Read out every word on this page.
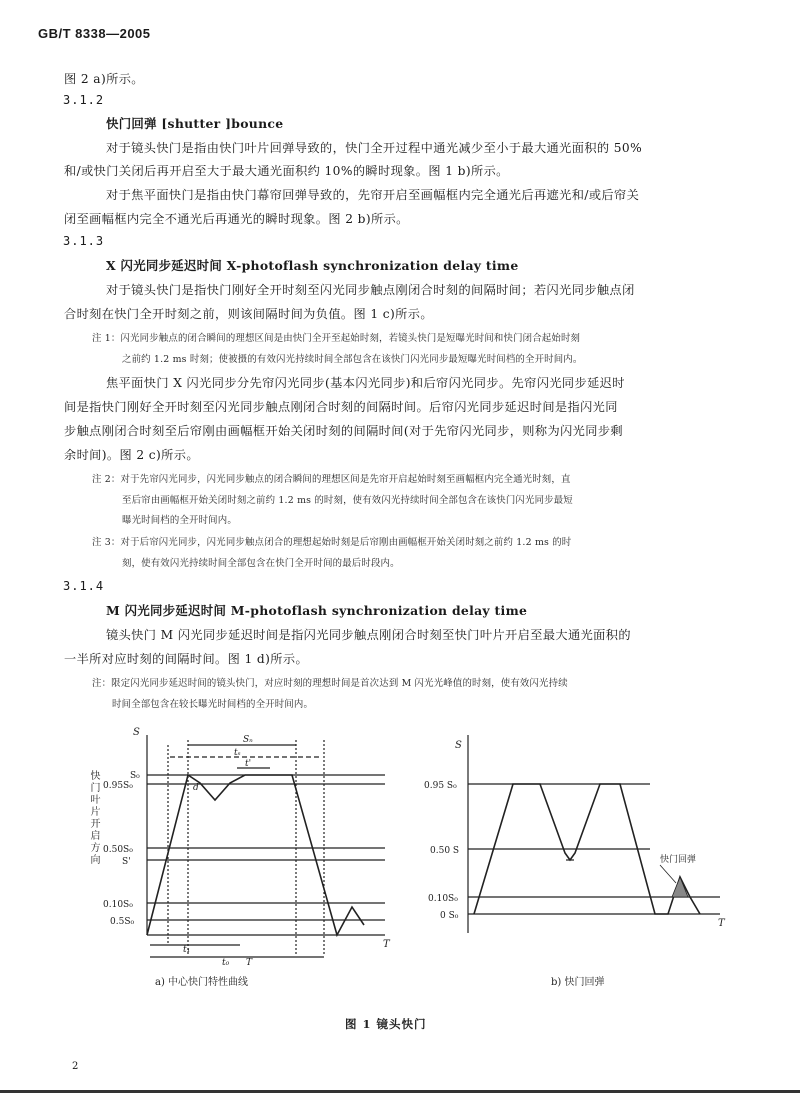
GB/T 8338—2005
图 2 a)所示。
3.1.2
快门回弹 [shutter ]bounce
对于镜头快门是指由快门叶片回弹导致的，快门全开过程中通光减少至小于最大通光面积的 50%
和/或快门关闭后再开启至大于最大通光面积约 10%的瞬时现象。图 1 b)所示。
对于焦平面快门是指由快门幕帘回弹导致的，先帘开启至画幅框内完全通光后再遮光和/或后帘关
闭至画幅框内完全不通光后再通光的瞬时现象。图 2 b)所示。
3.1.3
X 闪光同步延迟时间 X-photoflash synchronization delay time
对于镜头快门是指快门刚好全开时刻至闪光同步触点刚闭合时刻的间隔时间；若闪光同步触点闭
合时刻在快门全开时刻之前，则该间隔时间为负值。图 1 c)所示。
注 1：闪光同步触点的闭合瞬间的理想区间是由快门全开至起始时刻，若镜头快门是短曝光时间和快门闭合起始时刻
之前约 1.2 ms 时刻；使被摄的有效闪光持续时间全部包含在该快门闪光同步最短曝光时间档的全开时间内。
焦平面快门 X 闪光同步分先帘闪光同步(基本闪光同步)和后帘闪光同步。先帘闪光同步延迟时
间是指快门刚好全开时刻至闪光同步触点刚闭合时刻的间隔时间。后帘闪光同步延迟时间是指闪光同
步触点刚闭合时刻至后帘刚由画幅框开始关闭时刻的间隔时间(对于先帘闪光同步，则称为闪光同步剩
余时间)。图 2 c)所示。
注 2：对于先帘闪光同步，闪光同步触点的闭合瞬间的理想区间是先帘开启起始时刻至画幅框内完全通光时刻，直
至后帘由画幅框开始关闭时刻之前约 1.2 ms 的时刻，使有效闪光持续时间全部包含在该快门闪光同步最短
曝光时间档的全开时间内。
注 3：对于后帘闪光同步，闪光同步触点闭合的理想起始时刻是后帘刚由画幅框开始关闭时刻之前约 1.2 ms 的时
刻，使有效闪光持续时间全部包含在快门全开时间的最后时段内。
3.1.4
M 闪光同步延迟时间 M-photoflash synchronization delay time
镜头快门 M 闪光同步延迟时间是指闪光同步触点刚闭合时刻至快门叶片开启至最大通光面积的
一半所对应时刻的间隔时间。图 1 d)所示。
注：限定闪光同步延迟时间的镜头快门，对应时刻的理想时间是首次达到 M 闪光光峰值的时刻，使有效闪光持续
时间全部包含在较长曝光时间档的全开时间内。
S
T
S₀
0.95S₀
0.50S₀
S'
0.10S₀
0.5S₀
t₁
t₀ T
Sₙ
tₛ
t'
d
a) 中心快门特性曲线
快门叶片开启方向
S
T
0.95 S₀
0.50 S
0.10S₀
0 S₀
快门回弹
b) 快门回弹
图 1 镜头快门
2
